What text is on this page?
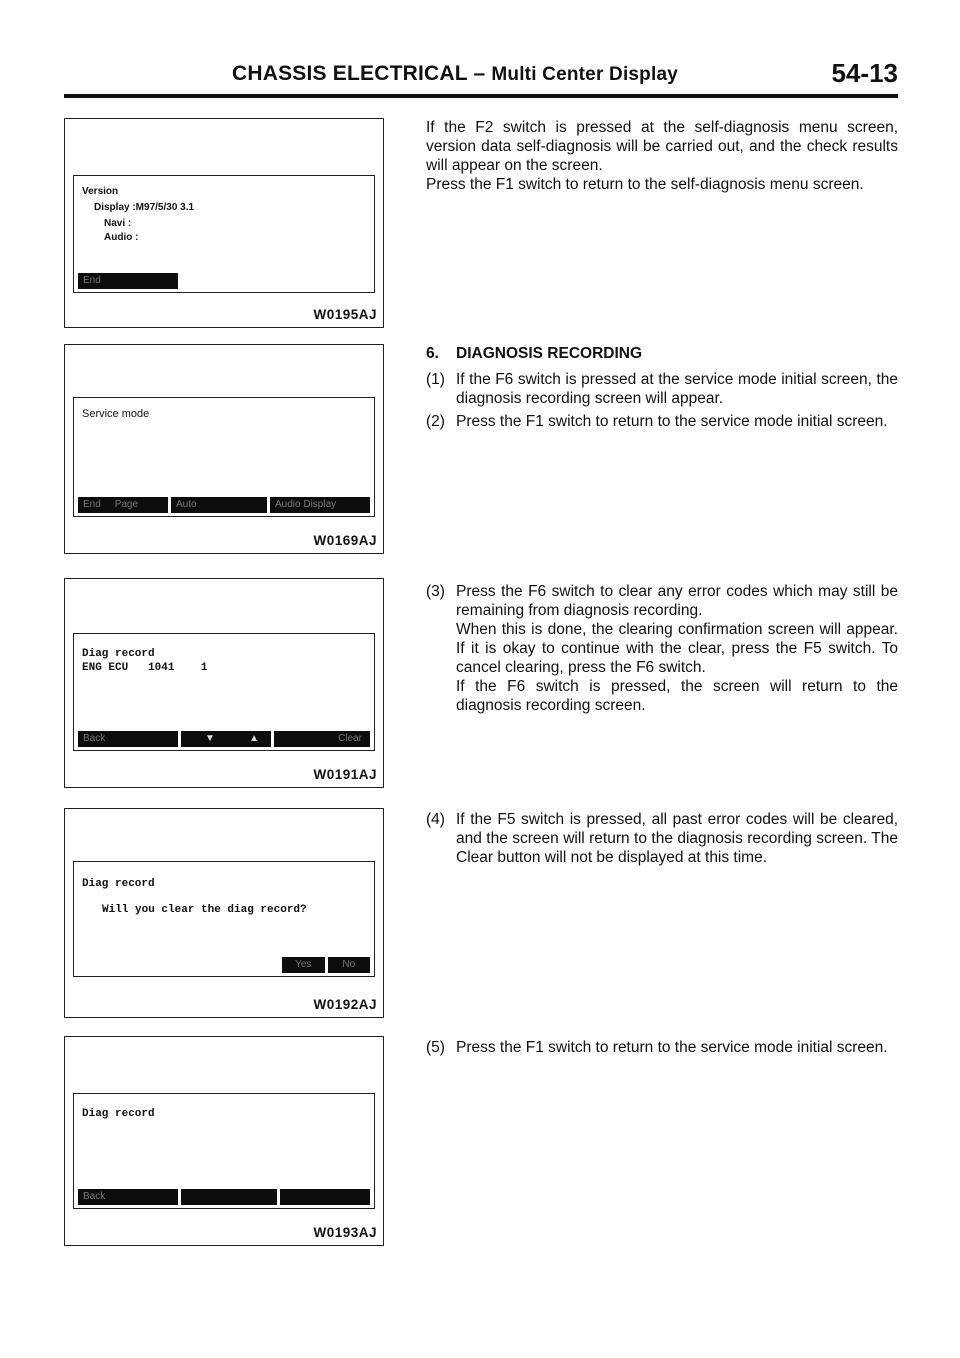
CHASSIS ELECTRICAL – Multi Center Display	54-13
Version
Display :M97/5/30 3.1
Navi :
Audio :
End
W0195AJ
Service mode
End Page	Auto	Audio Display
W0169AJ
Diag record
ENG ECU   1041    1
Back	▼	▲	Clear
W0191AJ
Diag record
Will you clear the diag record?
Yes	No
W0192AJ
Diag record
Back
W0193AJ

If the F2 switch is pressed at the self-diagnosis menu screen, version data self-diagnosis will be carried out, and the check results will appear on the screen.

Press the F1 switch to return to the self-diagnosis menu screen.

6. DIAGNOSIS RECORDING

(1) If the F6 switch is pressed at the service mode initial screen, the diagnosis recording screen will appear.

(2) Press the F1 switch to return to the service mode initial screen.

(3) Press the F6 switch to clear any error codes which may still be remaining from diagnosis recording.

When this is done, the clearing confirmation screen will appear. If it is okay to continue with the clear, press the F5 switch. To cancel clearing, press the F6 switch.

If the F6 switch is pressed, the screen will return to the diagnosis recording screen.

(4) If the F5 switch is pressed, all past error codes will be cleared, and the screen will return to the diagnosis recording screen. The Clear button will not be displayed at this time.

(5) Press the F1 switch to return to the service mode initial screen.
